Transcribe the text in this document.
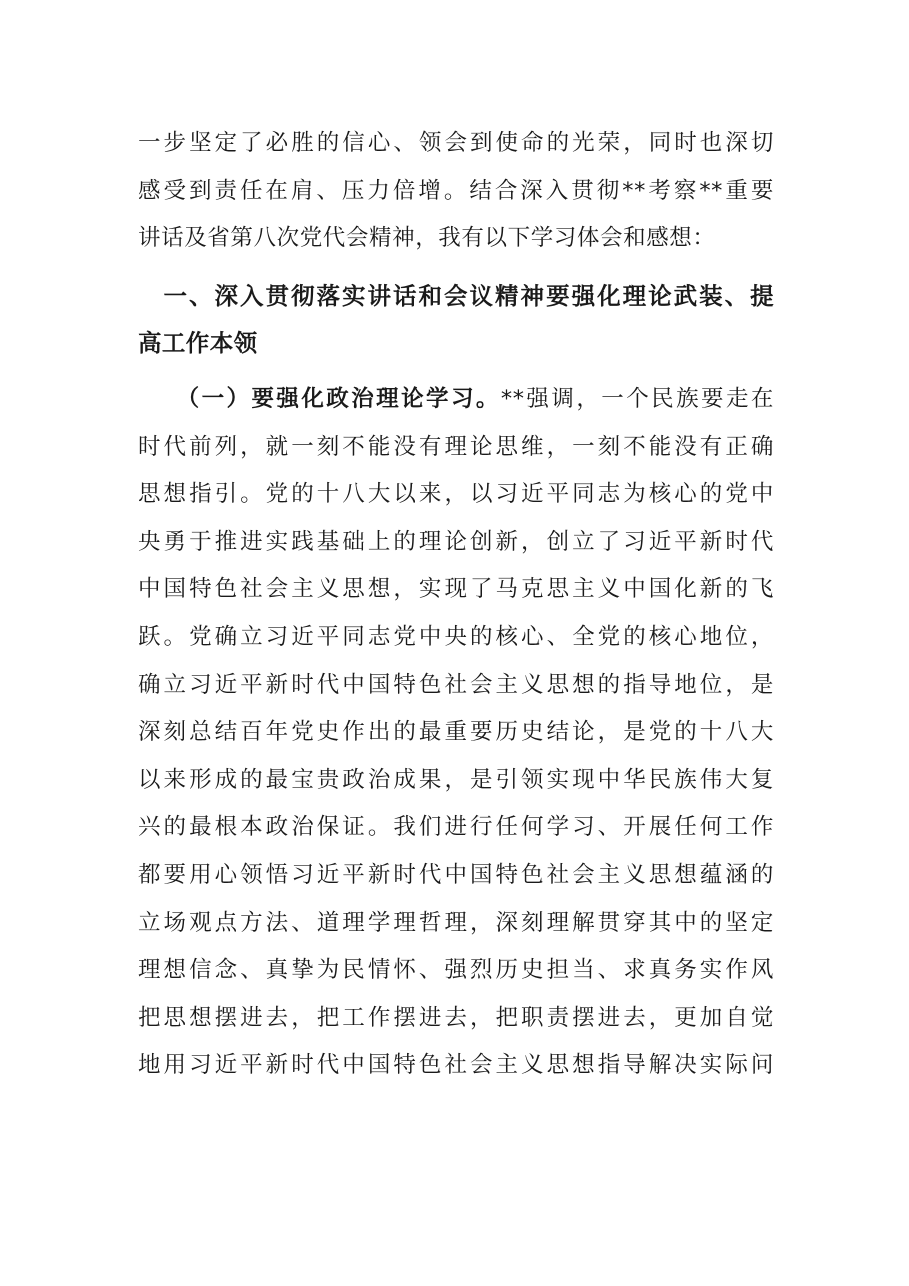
一步坚定了必胜的信心、领会到使命的光荣，同时也深切
感受到责任在肩、压力倍增。结合深入贯彻**考察**重要
讲话及省第八次党代会精神，我有以下学习体会和感想：
　一、深入贯彻落实讲话和会议精神要强化理论武装、提
高工作本领
　　（一）要强化政治理论学习。**强调，一个民族要走在
时代前列，就一刻不能没有理论思维，一刻不能没有正确
思想指引。党的十八大以来，以习近平同志为核心的党中
央勇于推进实践基础上的理论创新，创立了习近平新时代
中国特色社会主义思想，实现了马克思主义中国化新的飞
跃。党确立习近平同志党中央的核心、全党的核心地位，
确立习近平新时代中国特色社会主义思想的指导地位，是
深刻总结百年党史作出的最重要历史结论，是党的十八大
以来形成的最宝贵政治成果，是引领实现中华民族伟大复
兴的最根本政治保证。我们进行任何学习、开展任何工作
都要用心领悟习近平新时代中国特色社会主义思想蕴涵的
立场观点方法、道理学理哲理，深刻理解贯穿其中的坚定
理想信念、真挚为民情怀、强烈历史担当、求真务实作风
把思想摆进去，把工作摆进去，把职责摆进去，更加自觉
地用习近平新时代中国特色社会主义思想指导解决实际问
